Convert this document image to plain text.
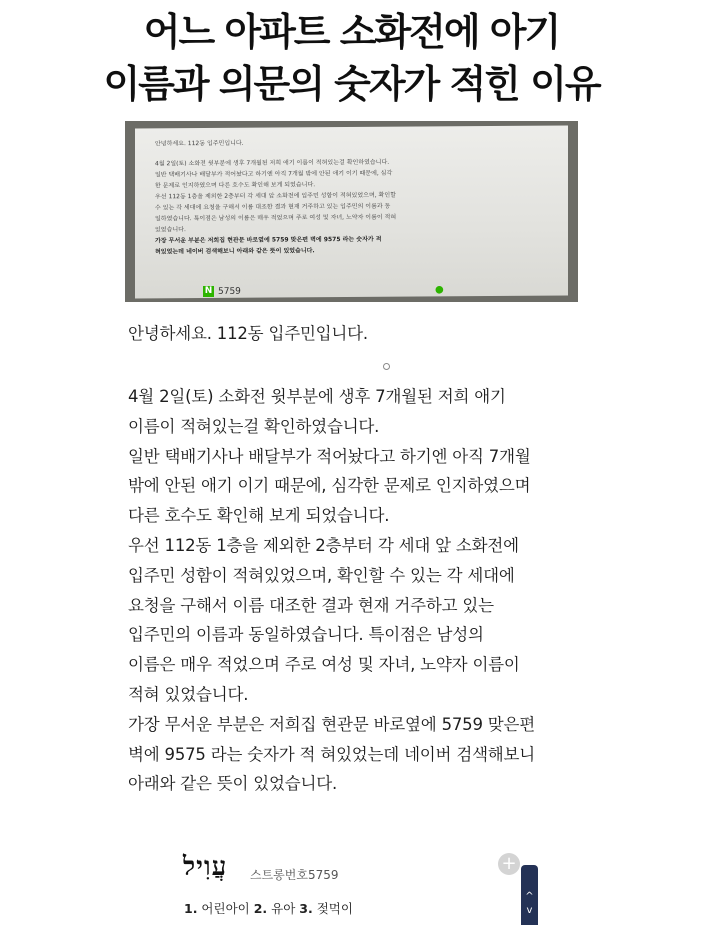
어느 아파트 소화전에 아기
이름과 의문의 숫자가 적힌 이유
안녕하세요. 112동 입주민입니다.
4월 2일(토) 소화전 윗부분에 생후 7개월된 저희 애기 이름이 적혀있는걸 확인하였습니다.
일반 택배기사나 배달부가 적어놨다고 하기엔 아직 7개월 밖에 안된 애기 이기 때문에, 심각
한 문제로 인지하였으며 다른 호수도 확인해 보게 되었습니다.
우선 112동 1층을 제외한 2층부터 각 세대 앞 소화전에 입주민 성함이 적혀있었으며, 확인할
수 있는 각 세대에 요청을 구해서 이름 대조한 결과 현재 거주하고 있는 입주민의 이름과 동
일하였습니다. 특이점은 남성의 이름은 매우 적었으며 주로 여성 및 자녀, 노약자 이름이 적혀
있었습니다.
가장 무서운 부분은 저희집 현관문 바로옆에 5759 맞은편 벽에 9575 라는 숫자가 적
혀있었는데 네이버 검색해보니 아래와 같은 뜻이 있었습니다.
N 5759	●
안녕하세요. 112동 입주민입니다.
4월 2일(토) 소화전 윗부분에 생후 7개월된 저희 애기
이름이 적혀있는걸 확인하였습니다.
일반 택배기사나 배달부가 적어놨다고 하기엔 아직 7개월
밖에 안된 애기 이기 때문에, 심각한 문제로 인지하였으며
다른 호수도 확인해 보게 되었습니다.
우선 112동 1층을 제외한 2층부터 각 세대 앞 소화전에
입주민 성함이 적혀있었으며, 확인할 수 있는 각 세대에
요청을 구해서 이름 대조한 결과 현재 거주하고 있는
입주민의 이름과 동일하였습니다. 특이점은 남성의
이름은 매우 적었으며 주로 여성 및 자녀, 노약자 이름이
적혀 있었습니다.
가장 무서운 부분은 저희집 현관문 바로옆에 5759 맞은편
벽에 9575 라는 숫자가 적 혀있었는데 네이버 검색해보니
아래와 같은 뜻이 있었습니다.
עֲוִיל 스트롱번호5759
1. 어린아이 2. 유아 3. 젖먹이
+
^
v
